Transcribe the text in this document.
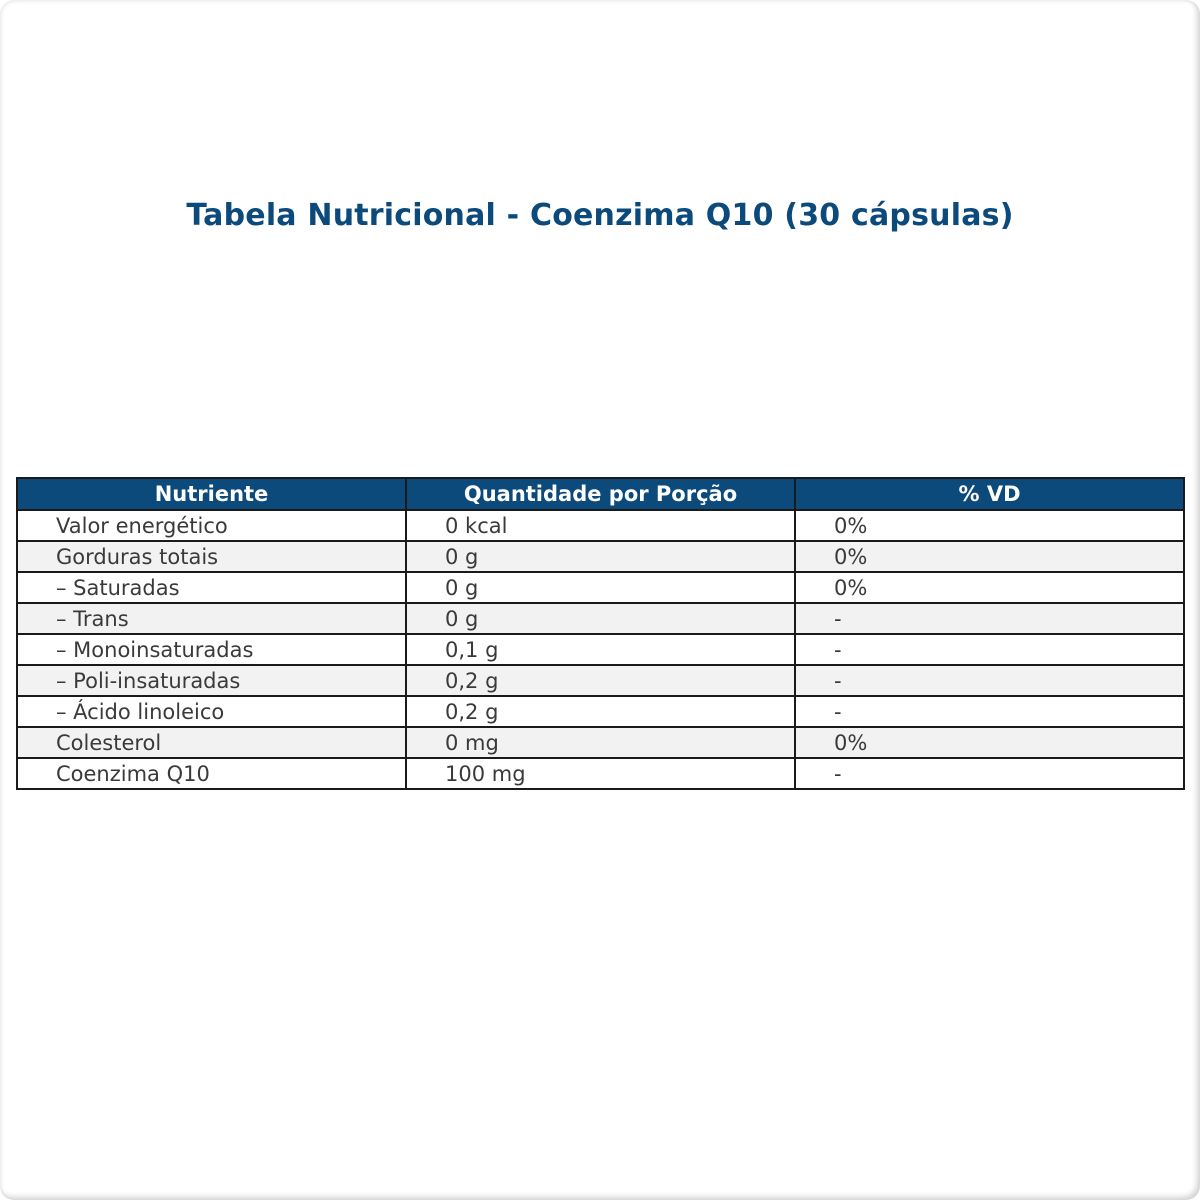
Tabela Nutricional - Coenzima Q10 (30 cápsulas)
Nutriente	Quantidade por Porção	% VD
Valor energético	0 kcal	0%
Gorduras totais	0 g	0%
– Saturadas	0 g	0%
– Trans	0 g	-
– Monoinsaturadas	0,1 g	-
– Poli-insaturadas	0,2 g	-
– Ácido linoleico	0,2 g	-
Colesterol	0 mg	0%
Coenzima Q10	100 mg	-
